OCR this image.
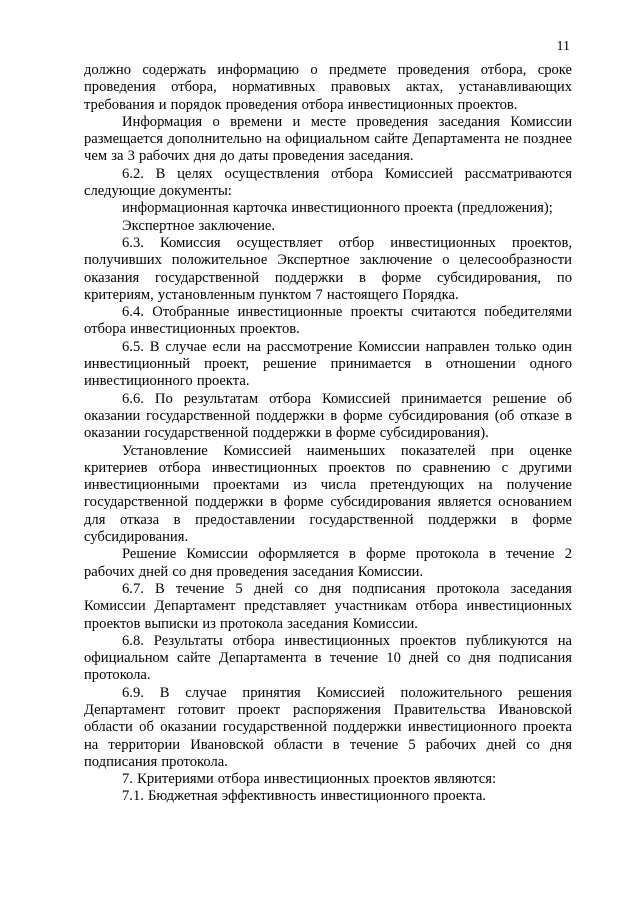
11

должно содержать информацию о предмете проведения отбора, сроке проведения отбора, нормативных правовых актах, устанавливающих требования и порядок проведения отбора инвестиционных проектов.

Информация о времени и месте проведения заседания Комиссии размещается дополнительно на официальном сайте Департамента не позднее чем за 3 рабочих дня до даты проведения заседания.

6.2. В целях осуществления отбора Комиссией рассматриваются следующие документы:

информационная карточка инвестиционного проекта (предложения);

Экспертное заключение.

6.3. Комиссия осуществляет отбор инвестиционных проектов, получивших положительное Экспертное заключение о целесообразности оказания государственной поддержки в форме субсидирования, по критериям, установленным пунктом 7 настоящего Порядка.

6.4. Отобранные инвестиционные проекты считаются победителями отбора инвестиционных проектов.

6.5. В случае если на рассмотрение Комиссии направлен только один инвестиционный проект, решение принимается в отношении одного инвестиционного проекта.

6.6. По результатам отбора Комиссией принимается решение об оказании государственной поддержки в форме субсидирования (об отказе в оказании государственной поддержки в форме субсидирования).

Установление Комиссией наименьших показателей при оценке критериев отбора инвестиционных проектов по сравнению с другими инвестиционными проектами из числа претендующих на получение государственной поддержки в форме субсидирования является основанием для отказа в предоставлении государственной поддержки в форме субсидирования.

Решение Комиссии оформляется в форме протокола в течение 2 рабочих дней со дня проведения заседания Комиссии.

6.7. В течение 5 дней со дня подписания протокола заседания Комиссии Департамент представляет участникам отбора инвестиционных проектов выписки из протокола заседания Комиссии.

6.8. Результаты отбора инвестиционных проектов публикуются на официальном сайте Департамента в течение 10 дней со дня подписания протокола.

6.9. В случае принятия Комиссией положительного решения Департамент готовит проект распоряжения Правительства Ивановской области об оказании государственной поддержки инвестиционного проекта на территории Ивановской области в течение 5 рабочих дней со дня подписания протокола.

7. Критериями отбора инвестиционных проектов являются:

7.1. Бюджетная эффективность инвестиционного проекта.
